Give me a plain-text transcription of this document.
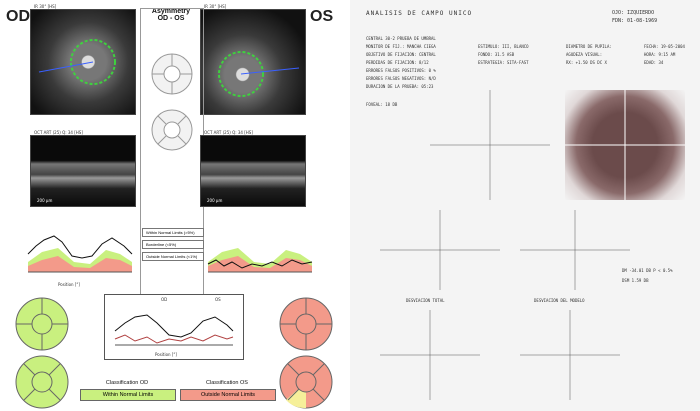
OD	OS
IR 30° [HS]	IR 30° [HS]
Asymmetry
OD - OS
OCT ART (25) Q: 34 [HS]
200 μm
OCT ART (25) Q: 34 [HS]
200 μm
Within Normal Limits (>5%)
Borderline (<5%)
Outside Normal Limits (<1%)
Position [°]
OD	OS
Position [°]
Classification OD
Within Normal Limits
Classification OS
Outside Normal Limits
ANALISIS DE CAMPO UNICO	OJO: IZQUIERDO
FDN: 01-08-1969
CENTRAL 30-2 PRUEBA DE UMBRAL
MONITOR DE FIJ.: MANCHA CIEGA
OBJETIVO DE FIJACION: CENTRAL
PERDIDAS DE FIJACION: 8/12
ERRORES FALSOS POSITIVOS: 0 %
ERRORES FALSOS NEGATIVOS: N/D
DURACION DE LA PRUEBA: 05:23
ESTIMULO: III, BLANCO
FONDO: 31.5 ASB
ESTRATEGIA: SITA-FAST
DIAMETRO DE PUPILA:
AGUDEZA VISUAL:
RX: +1.50 DS DC X
FECHA: 19-05-2004
HORA: 9:15 AM
EDAD: 34
FOVEAL: 18 DB
DESVIACION TOTAL	DESVIACION DEL MODELO
DM -34.01 DB P < 0.5%
DSM 1.59 DB
